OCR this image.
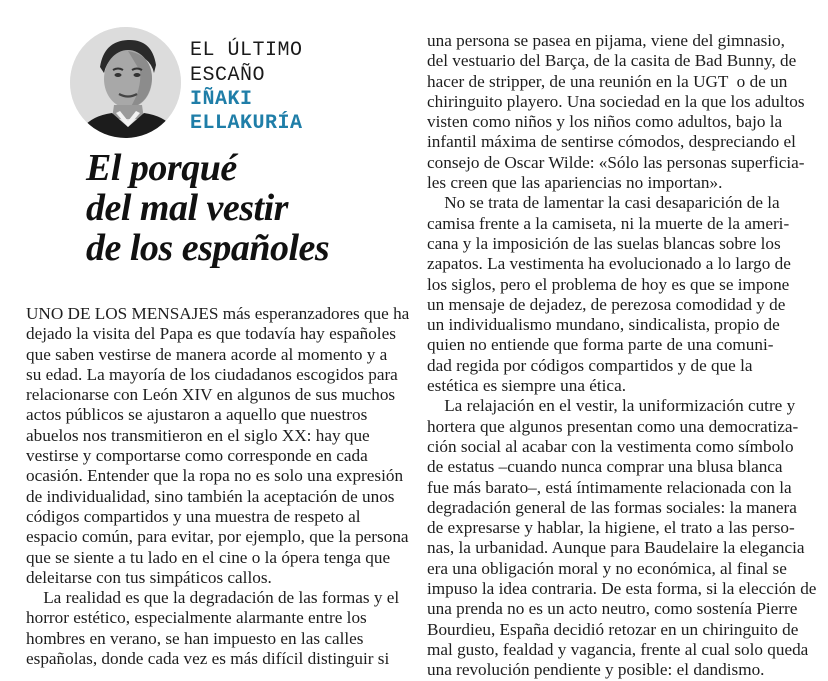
EL ÚLTIMO
ESCAÑO
IÑAKI
ELLAKURÍA
El porqué
del mal vestir
de los españoles
UNO DE LOS MENSAJES más esperanzadores que ha
dejado la visita del Papa es que todavía hay españoles
que saben vestirse de manera acorde al momento y a
su edad. La mayoría de los ciudadanos escogidos para
relacionarse con León XIV en algunos de sus muchos
actos públicos se ajustaron a aquello que nuestros
abuelos nos transmitieron en el siglo XX: hay que
vestirse y comportarse como corresponde en cada
ocasión. Entender que la ropa no es solo una expresión
de individualidad, sino también la aceptación de unos
códigos compartidos y una muestra de respeto al
espacio común, para evitar, por ejemplo, que la persona
que se siente a tu lado en el cine o la ópera tenga que
deleitarse con tus simpáticos callos.
La realidad es que la degradación de las formas y el
horror estético, especialmente alarmante entre los
hombres en verano, se han impuesto en las calles
españolas, donde cada vez es más difícil distinguir si
una persona se pasea en pijama, viene del gimnasio,
del vestuario del Barça, de la casita de Bad Bunny, de
hacer de stripper, de una reunión en la UGT  o de un
chiringuito playero. Una sociedad en la que los adultos
visten como niños y los niños como adultos, bajo la
infantil máxima de sentirse cómodos, despreciando el
consejo de Oscar Wilde: «Sólo las personas superficia-
les creen que las apariencias no importan».
No se trata de lamentar la casi desaparición de la
camisa frente a la camiseta, ni la muerte de la ameri-
cana y la imposición de las suelas blancas sobre los
zapatos. La vestimenta ha evolucionado a lo largo de
los siglos, pero el problema de hoy es que se impone
un mensaje de dejadez, de perezosa comodidad y de
un individualismo mundano, sindicalista, propio de
quien no entiende que forma parte de una comuni-
dad regida por códigos compartidos y de que la
estética es siempre una ética.
La relajación en el vestir, la uniformización cutre y
hortera que algunos presentan como una democratiza-
ción social al acabar con la vestimenta como símbolo
de estatus –cuando nunca comprar una blusa blanca
fue más barato–, está íntimamente relacionada con la
degradación general de las formas sociales: la manera
de expresarse y hablar, la higiene, el trato a las perso-
nas, la urbanidad. Aunque para Baudelaire la elegancia
era una obligación moral y no económica, al final se
impuso la idea contraria. De esta forma, si la elección de
una prenda no es un acto neutro, como sostenía Pierre
Bourdieu, España decidió retozar en un chiringuito de
mal gusto, fealdad y vagancia, frente al cual solo queda
una revolución pendiente y posible: el dandismo.
